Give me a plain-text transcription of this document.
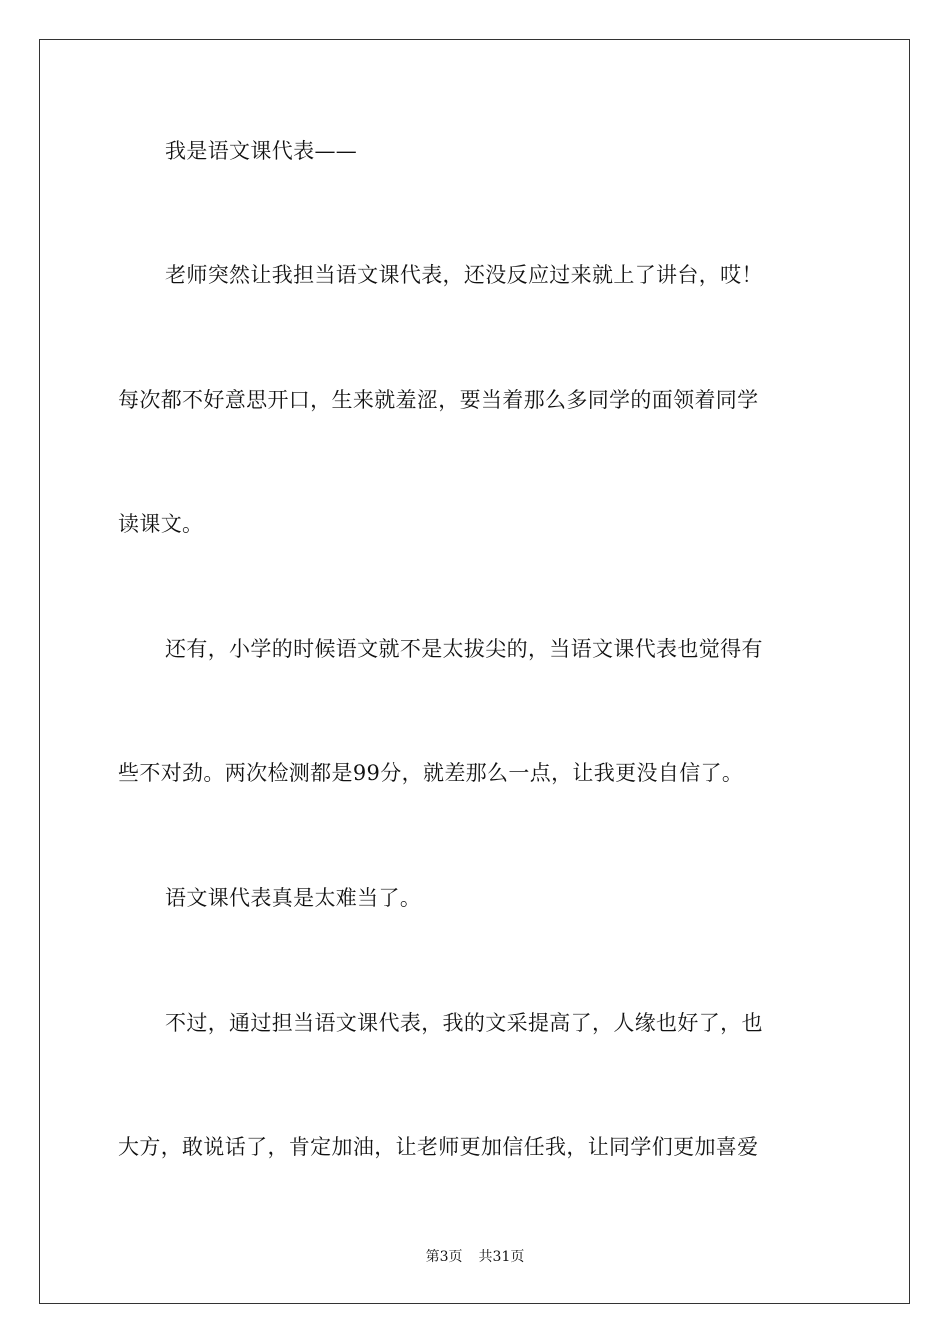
我是语文课代表——
老师突然让我担当语文课代表，还没反应过来就上了讲台，哎！
每次都不好意思开口，生来就羞涩，要当着那么多同学的面领着同学
读课文。
还有，小学的时候语文就不是太拔尖的，当语文课代表也觉得有
些不对劲。两次检测都是99分，就差那么一点，让我更没自信了。
语文课代表真是太难当了。
不过，通过担当语文课代表，我的文采提高了，人缘也好了，也
大方，敢说话了，肯定加油，让老师更加信任我，让同学们更加喜爱
第3页 共31页
